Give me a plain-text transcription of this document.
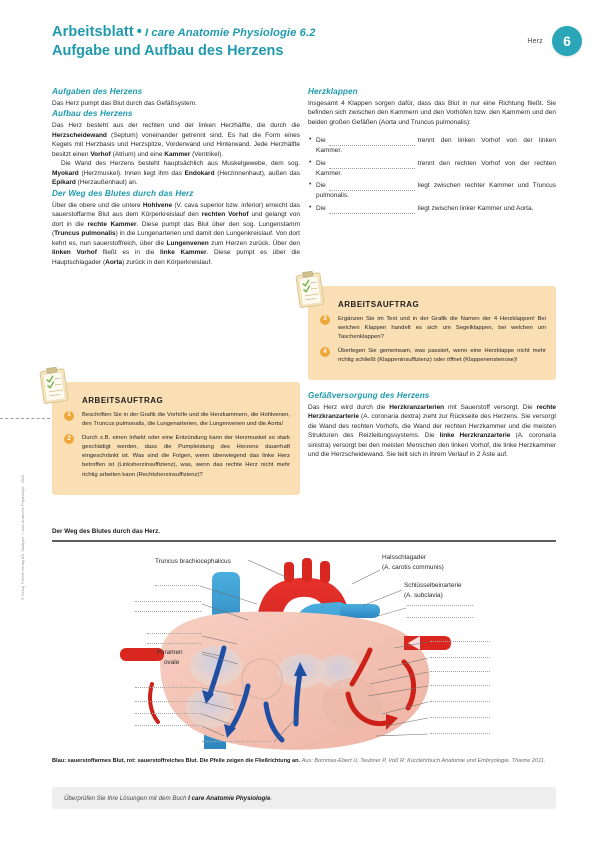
© Georg Thieme Verlag KG, Stuttgart · I care Anatomie Physiologie · 2020
Arbeitsblatt • I care Anatomie Physiologie 6.2
Aufgabe und Aufbau des Herzens
Herz	6
Aufgaben des Herzens

Das Herz pumpt das Blut durch das Gefäßsystem.

Aufbau des Herzens

Das Herz besteht aus der rechten und der linken Herzhälfte, die durch die Herzscheidewand (Septum) voneinander getrennt sind. Es hat die Form eines Kegels mit Herzbasis und Herzspitze, Vorderwand und Hinterwand. Jede Herzhälfte besitzt einen Vorhof (Atrium) und eine Kammer (Ventrikel).

Die Wand des Herzens besteht hauptsächlich aus Muskelgewebe, dem sog. Myokard (Herzmuskel). Innen liegt ihm das Endokard (Herzinnenhaut), außen das Epikard (Herzaußenhaut) an.

Der Weg des Blutes durch das Herz

Über die obere und die untere Hohlvene (V. cava superior bzw. inferior) erreicht das sauerstoffarme Blut aus dem Körperkreislauf den rechten Vorhof und gelangt von dort in die rechte Kammer. Diese pumpt das Blut über den sog. Lungenstamm (Truncus pulmonalis) in die Lungenarterien und damit den Lungenkreislauf. Von dort kehrt es, nun sauerstoffreich, über die Lungenvenen zum Herzen zurück. Über den linken Vorhof fließt es in die linke Kammer. Diese pumpt es über die Hauptschlagader (Aorta) zurück in den Körperkreislauf.

Herzklappen

Insgesamt 4 Klappen sorgen dafür, dass das Blut in nur eine Richtung fließt. Sie befinden sich zwischen den Kammern und den Vorhöfen bzw. den Kammern und den beiden großen Gefäßen (Aorta und Truncus pulmonalis):

• Die	trennt den linken Vorhof von der linken Kammer.
• Die	trennt den rechten Vorhof von der rechten Kammer.
• Die	liegt zwischen rechter Kammer und Truncus pulmonalis.
• Die	liegt zwischen linker Kammer und Aorta.
Gefäßversorgung des Herzens

Das Herz wird durch die Herzkranzarterien mit Sauerstoff versorgt. Die rechte Herzkranzarterie (A. coronaria dextra) zieht zur Rückseite des Herzens. Sie versorgt die Wand des rechten Vorhofs, die Wand der rechten Herzkammer und die meisten Strukturen des Reizleitungssystems. Die linke Herzkranzarterie (A. coronaria sinistra) versorgt bei den meisten Menschen den linken Vorhof, die linke Herzkammer und die Herzscheidewand. Sie teilt sich in ihrem Verlauf in 2 Äste auf.

ARBEITSAUFTRAG
1	Beschriften Sie in der Grafik die Vorhöfe und die Herzkammern, die Hohlvenen, den Truncus pulmonalis, die Lungenarterien, die Lungenvenen und die Aorta!
2	Durch z.B. einen Infarkt oder eine Entzündung kann der Herzmuskel so stark geschädigt werden, dass die Pumpleistung des Herzens dauerhaft eingeschränkt ist. Was sind die Folgen, wenn überwiegend das linke Herz betroffen ist (Linksherzinsuffizienz), was, wenn das rechte Herz nicht mehr richtig arbeiten kann (Rechtsherzinsuffizienz)?
ARBEITSAUFTRAG
3	Ergänzen Sie im Text und in der Grafik die Namen der 4 Herzklappen! Bei welchen Klappen handelt es sich um Segelklappen, bei welchen um Taschenklappen?
4	Überlegen Sie gemeinsam, was passiert, wenn eine Herzklappe nicht mehr richtig schließt (Klappeninsuffizienz) oder öffnet (Klappenenstenose)!
Der Weg des Blutes durch das Herz.
Truncus brachiocephalicus
Halsschlagader
(A. carotis communis)
Schlüsselbeinarterie
(A. subclavia)
Foramen
ovale
Blau: sauerstoffarmes Blut, rot: sauerstoffreiches Blut. Die Pfeile zeigen die Fließrichtung an. Aus: Bommas-Ebert U, Teubner P, Voß R: Kurzlehrbuch Anatomie und Embryologie. Thieme 2011.
Überprüfen Sie Ihre Lösungen mit dem Buch I care Anatomie Physiologie.
